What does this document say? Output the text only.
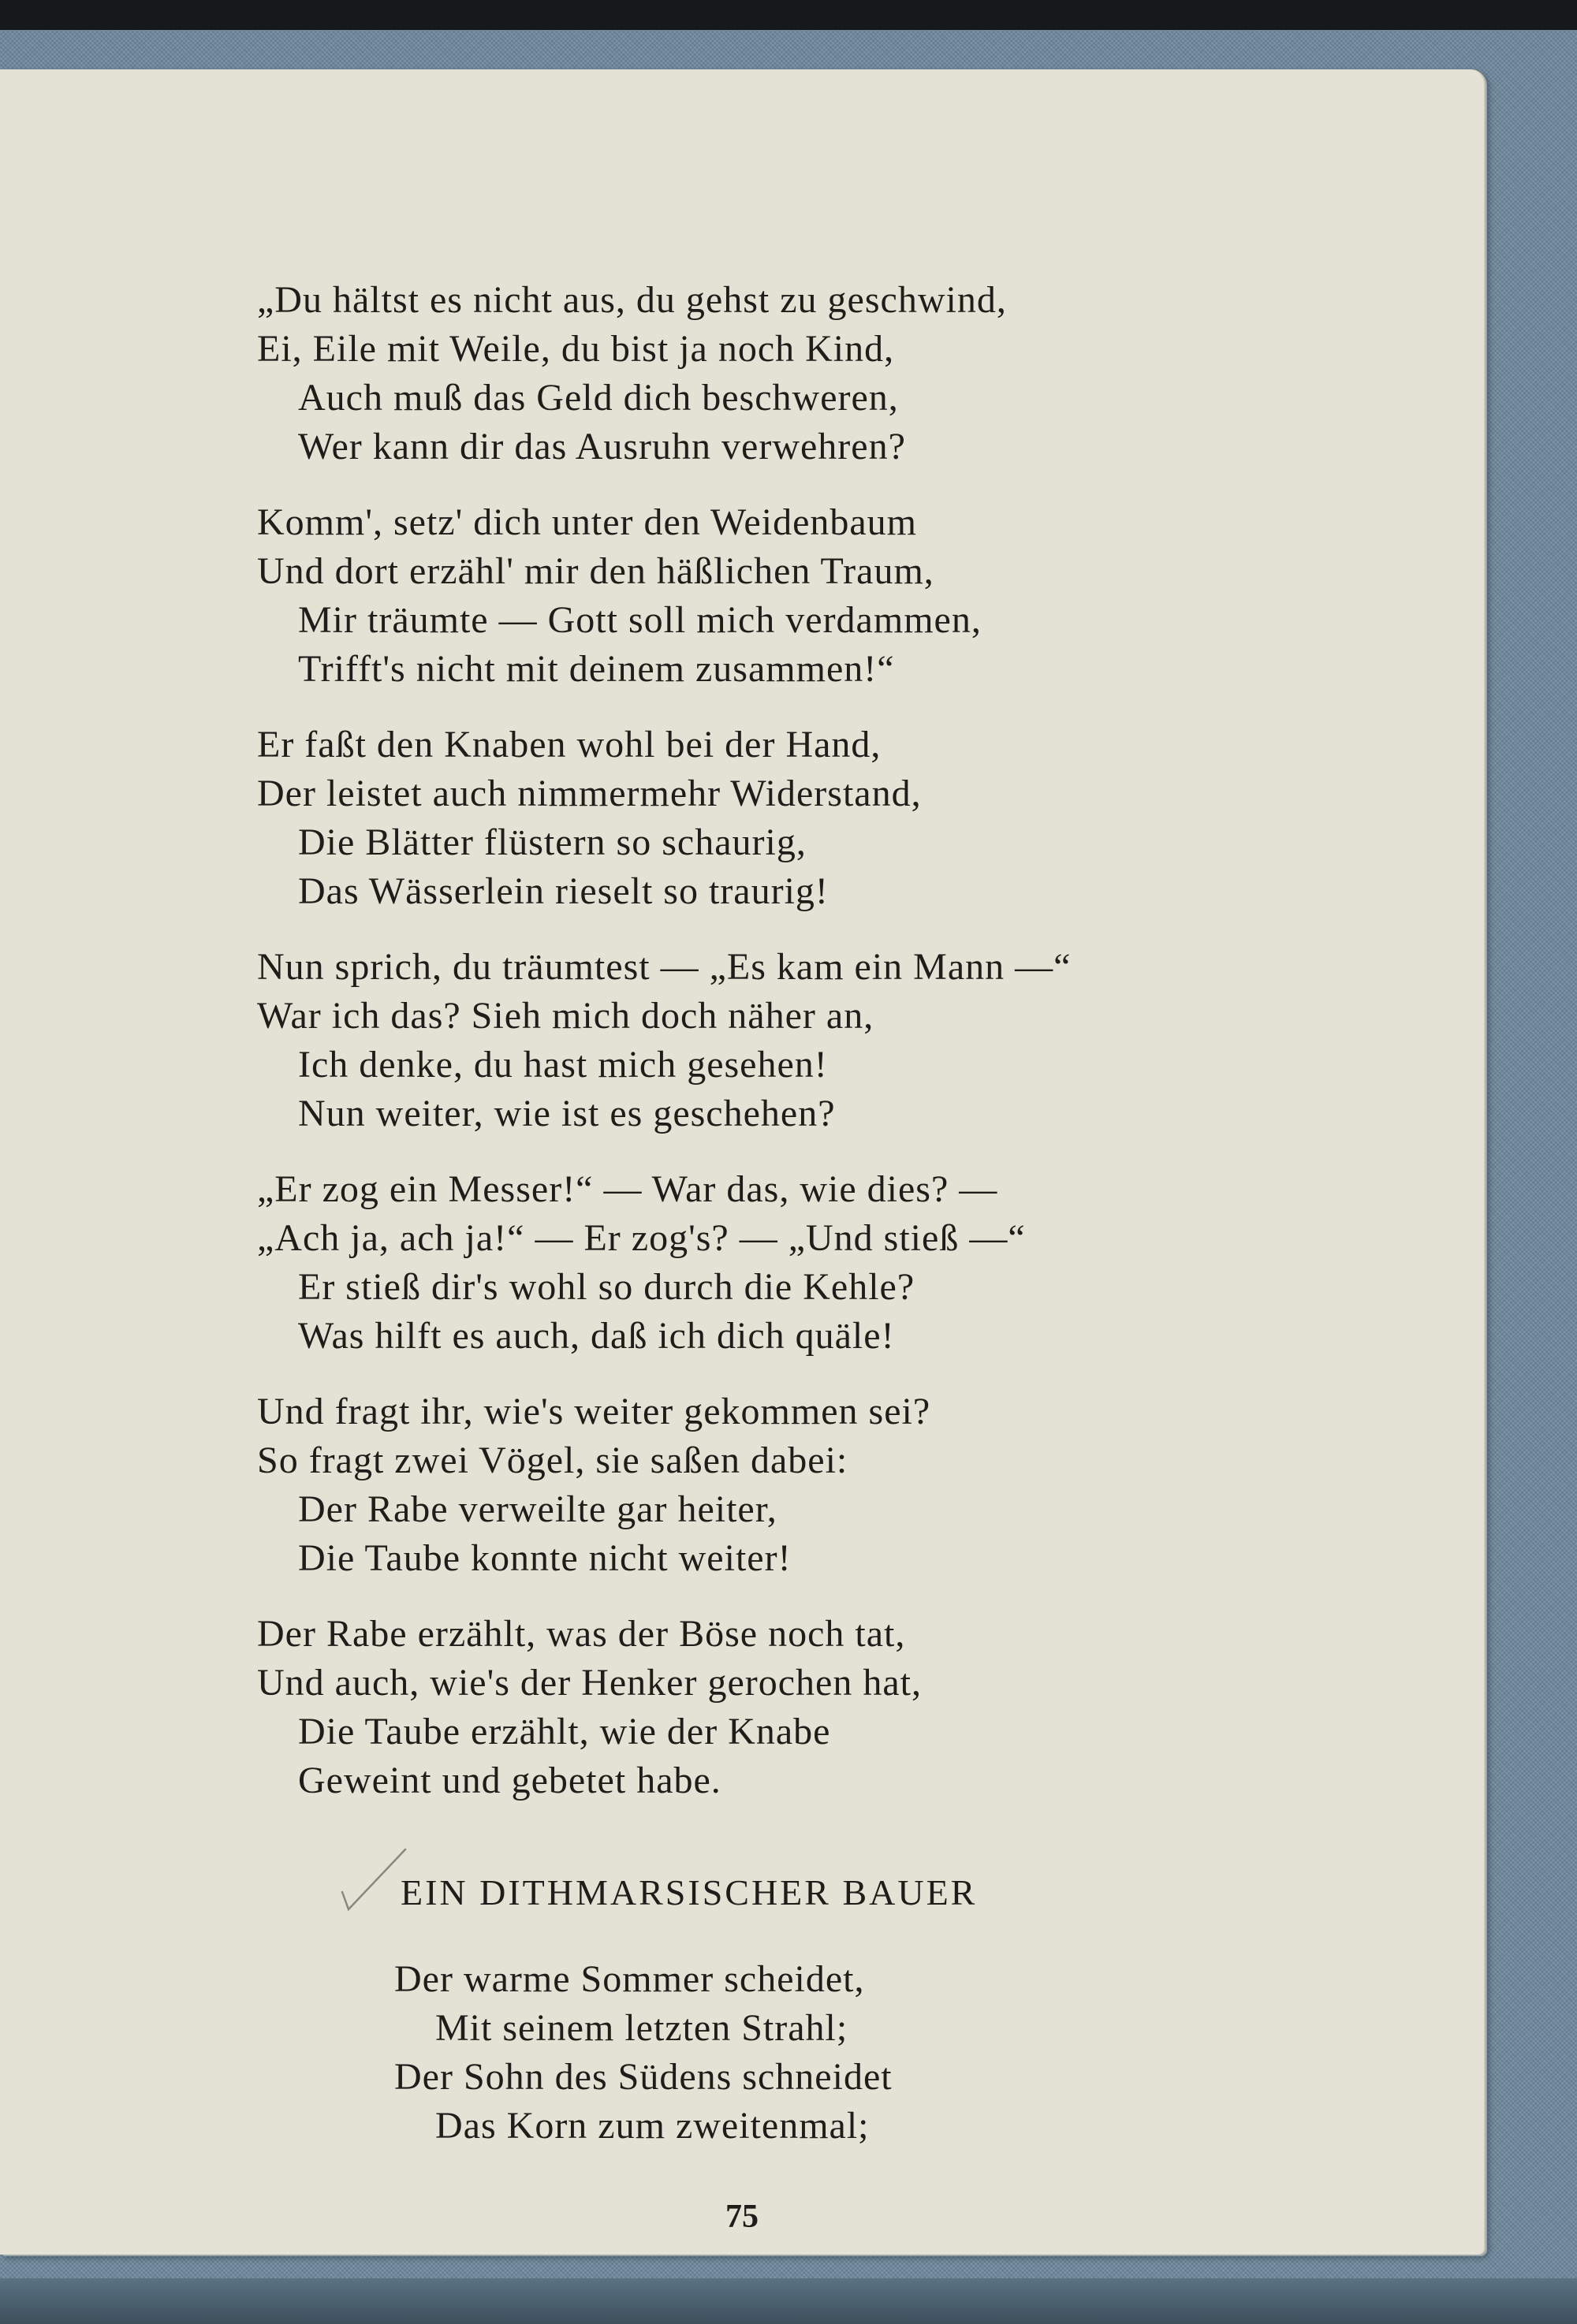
„Du hältst es nicht aus, du gehst zu geschwind,
Ei, Eile mit Weile, du bist ja noch Kind,
Auch muß das Geld dich beschweren,
Wer kann dir das Ausruhn verwehren?
Komm', setz' dich unter den Weidenbaum
Und dort erzähl' mir den häßlichen Traum,
Mir träumte — Gott soll mich verdammen,
Trifft's nicht mit deinem zusammen!“
Er faßt den Knaben wohl bei der Hand,
Der leistet auch nimmermehr Widerstand,
Die Blätter flüstern so schaurig,
Das Wässerlein rieselt so traurig!
Nun sprich, du träumtest — „Es kam ein Mann —“
War ich das? Sieh mich doch näher an,
Ich denke, du hast mich gesehen!
Nun weiter, wie ist es geschehen?
„Er zog ein Messer!“ — War das, wie dies? —
„Ach ja, ach ja!“ — Er zog's? — „Und stieß —“
Er stieß dir's wohl so durch die Kehle?
Was hilft es auch, daß ich dich quäle!
Und fragt ihr, wie's weiter gekommen sei?
So fragt zwei Vögel, sie saßen dabei:
Der Rabe verweilte gar heiter,
Die Taube konnte nicht weiter!
Der Rabe erzählt, was der Böse noch tat,
Und auch, wie's der Henker gerochen hat,
Die Taube erzählt, wie der Knabe
Geweint und gebetet habe.
EIN DITHMARSISCHER BAUER
Der warme Sommer scheidet,
Mit seinem letzten Strahl;
Der Sohn des Südens schneidet
Das Korn zum zweitenmal;
75
